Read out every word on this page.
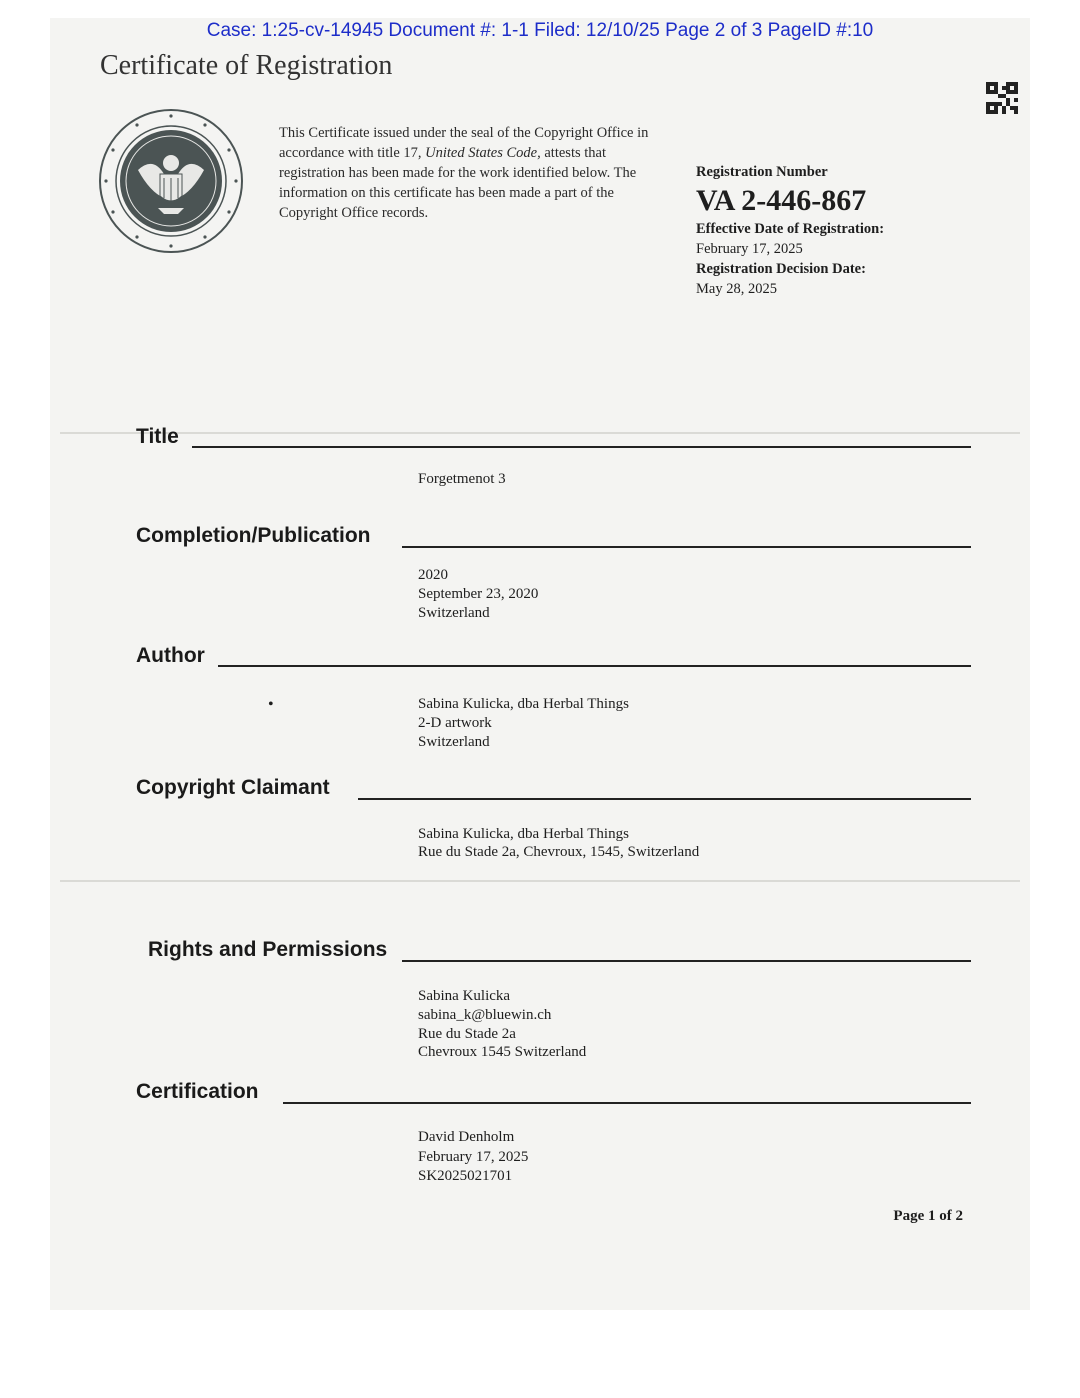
Case: 1:25-cv-14945 Document #: 1-1 Filed: 12/10/25 Page 2 of 3 PageID #:10
Certificate of Registration
This Certificate issued under the seal of the Copyright Office in accordance with title 17, United States Code, attests that registration has been made for the work identified below. The information on this certificate has been made a part of the Copyright Office records.
Registration Number
VA 2-446-867
Effective Date of Registration:
February 17, 2025
Registration Decision Date:
May 28, 2025
Title
Forgetmenot 3
Completion/Publication
2020
September 23, 2020
Switzerland
Author
•	Sabina Kulicka, dba Herbal Things
2-D artwork
Switzerland
Copyright Claimant
Sabina Kulicka, dba Herbal Things
Rue du Stade 2a, Chevroux, 1545, Switzerland
Rights and Permissions
Sabina Kulicka
sabina_k@bluewin.ch
Rue du Stade 2a
Chevroux 1545 Switzerland
Certification
David Denholm
February 17, 2025
SK2025021701
Page 1 of 2
